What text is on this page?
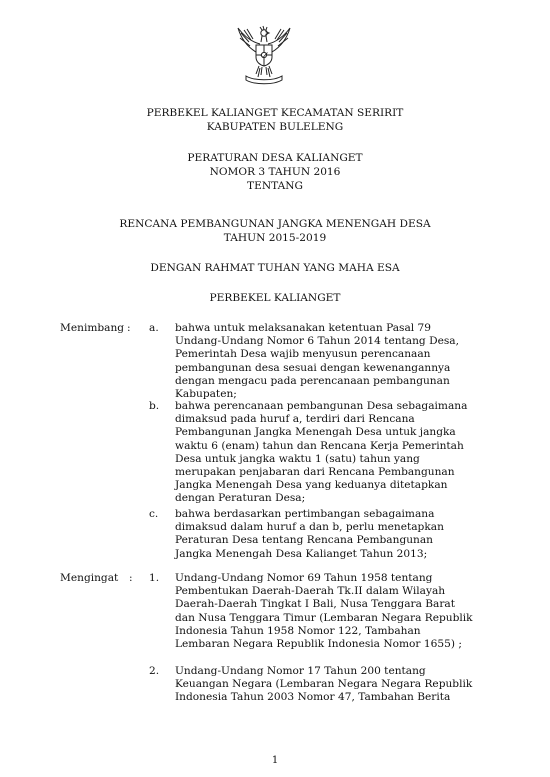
PERBEKEL KALIANGET KECAMATAN SERIRIT
KABUPATEN BULELENG
PERATURAN DESA KALIANGET
NOMOR 3 TAHUN 2016
TENTANG
RENCANA PEMBANGUNAN JANGKA MENENGAH DESA
TAHUN 2015-2019
DENGAN RAHMAT TUHAN YANG MAHA ESA
PERBEKEL KALIANGET
Menimbang : a. bahwa untuk melaksanakan ketentuan Pasal 79
Undang-Undang Nomor 6 Tahun 2014 tentang Desa,
Pemerintah Desa wajib menyusun perencanaan
pembangunan desa sesuai dengan kewenangannya
dengan mengacu pada perencanaan pembangunan
Kabupaten;
b. bahwa perencanaan pembangunan Desa sebagaimana
dimaksud pada huruf a, terdiri dari Rencana
Pembangunan Jangka Menengah Desa untuk jangka
waktu 6 (enam) tahun dan Rencana Kerja Pemerintah
Desa untuk jangka waktu 1 (satu) tahun yang
merupakan penjabaran dari Rencana Pembangunan
Jangka Menengah Desa yang keduanya ditetapkan
dengan Peraturan Desa;
c. bahwa berdasarkan pertimbangan sebagaimana
dimaksud dalam huruf a dan b, perlu menetapkan
Peraturan Desa tentang Rencana Pembangunan
Jangka Menengah Desa Kalianget Tahun 2013;
Mengingat : 1. Undang-Undang Nomor 69 Tahun 1958 tentang
Pembentukan Daerah-Daerah Tk.II dalam Wilayah
Daerah-Daerah Tingkat I Bali, Nusa Tenggara Barat
dan Nusa Tenggara Timur (Lembaran Negara Republik
Indonesia Tahun 1958 Nomor 122, Tambahan
Lembaran Negara Republik Indonesia Nomor 1655) ;
2. Undang-Undang Nomor 17 Tahun 200 tentang
Keuangan Negara (Lembaran Negara Negara Republik
Indonesia Tahun 2003 Nomor 47, Tambahan Berita
1
